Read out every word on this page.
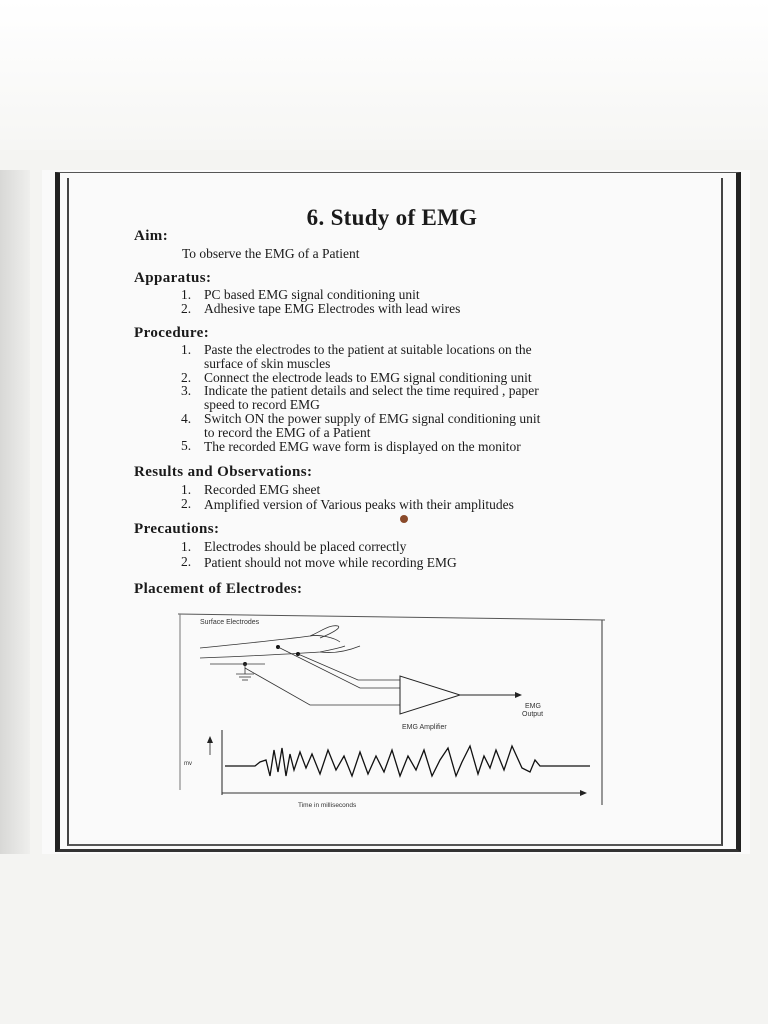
6. Study of EMG
Aim:
To observe the EMG of a Patient
Apparatus:
1. PC based EMG signal conditioning unit
2. Adhesive tape EMG Electrodes with lead wires
Procedure:
1. Paste the electrodes to the patient at suitable locations on the
surface of skin muscles
2. Connect the electrode leads to EMG signal conditioning unit
3. Indicate the patient details and select the time required , paper
speed to record EMG
4. Switch ON the power supply of EMG signal conditioning unit
to record the EMG of a Patient
5. The recorded EMG wave form is displayed on the monitor
Results and Observations:
1. Recorded EMG sheet
2. Amplified version of Various peaks with their amplitudes
Precautions:
1. Electrodes should be placed correctly
2. Patient should not move while recording EMG
Placement of Electrodes:
Surface Electrodes
EMG
Output
EMG Amplifier
mv
Time in milliseconds
